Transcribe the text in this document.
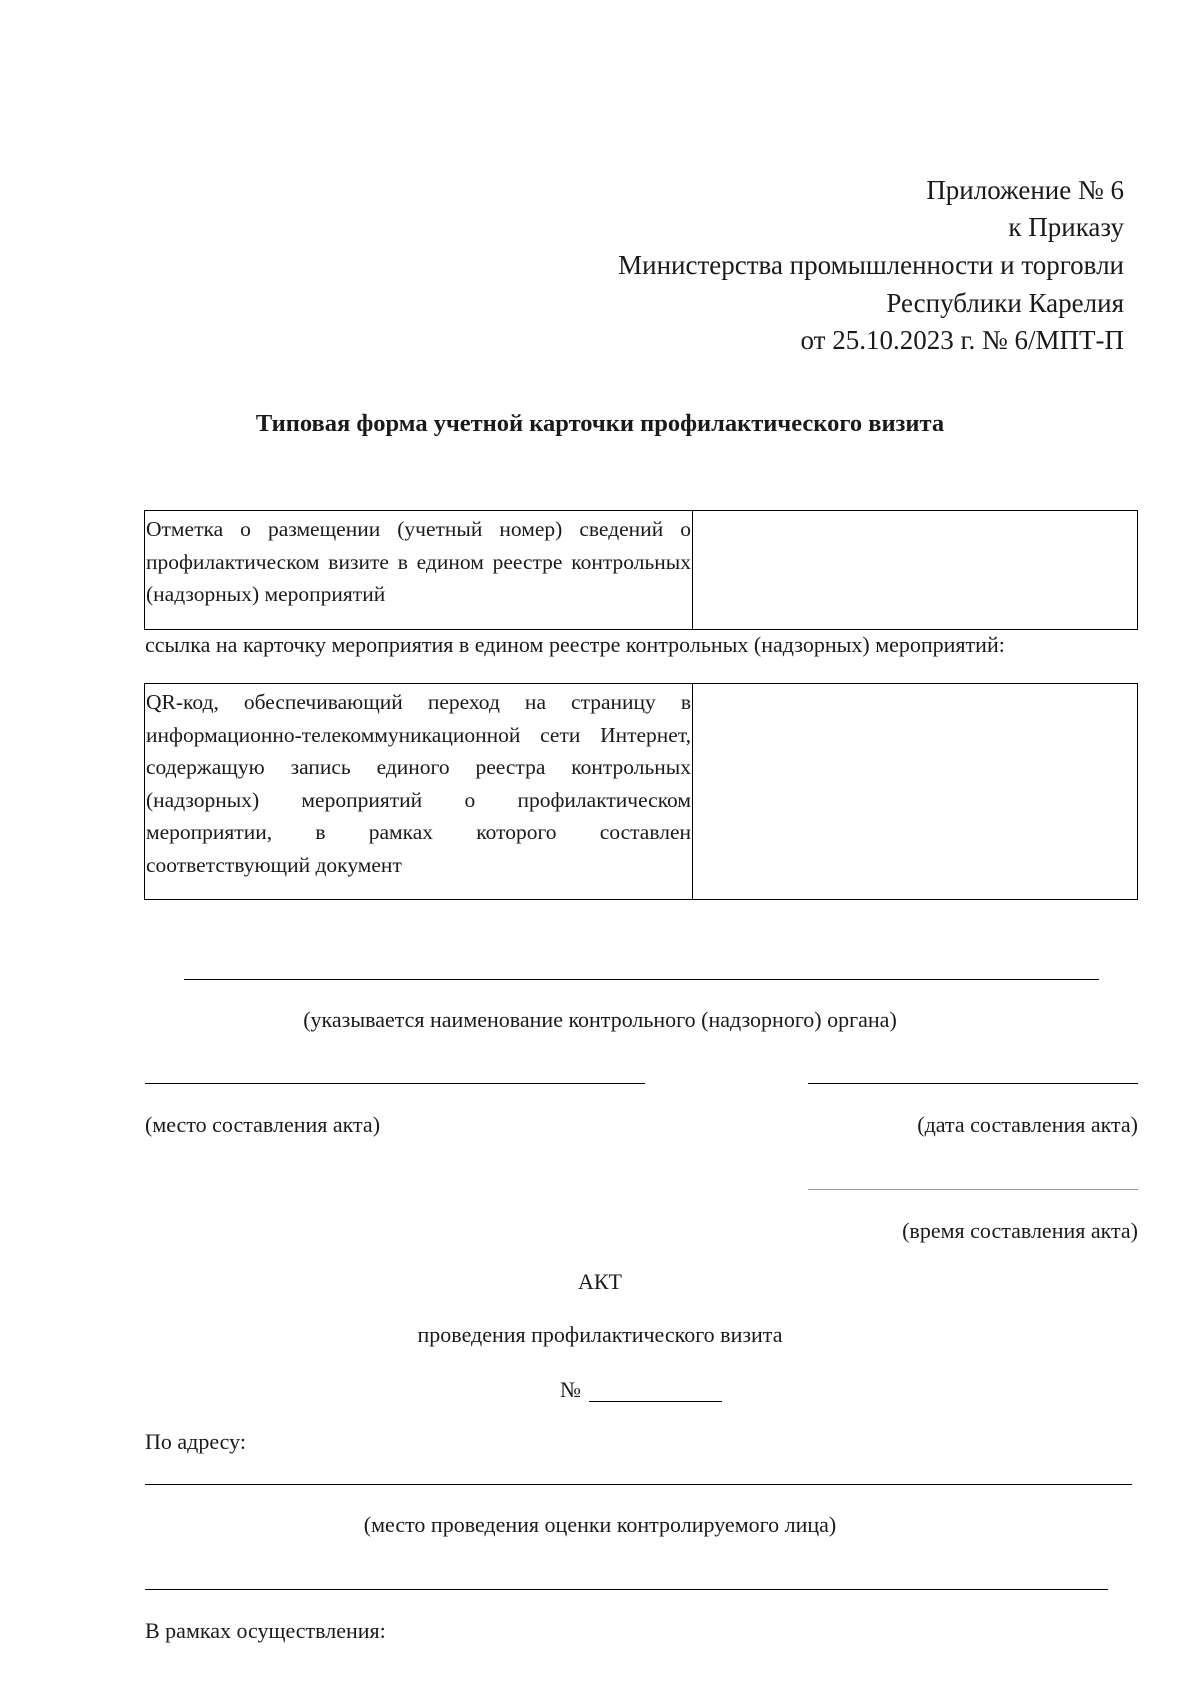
Приложение № 6
к Приказу
Министерства промышленности и торговли
Республики Карелия
от 25.10.2023 г. № 6/МПТ-П
Типовая форма учетной карточки профилактического визита
Отметка о размещении (учетный номер) сведений о профилактическом визите в едином реестре контрольных (надзорных) мероприятий
ссылка на карточку мероприятия в едином реестре контрольных (надзорных) мероприятий:
QR-код, обеспечивающий переход на страницу в информационно-телекоммуникационной сети Интернет, содержащую запись единого реестра контрольных (надзорных) мероприятий о профилактическом мероприятии, в рамках которого составлен соответствующий документ
(указывается наименование контрольного (надзорного) органа)
(место составления акта)	(дата составления акта)
(время составления акта)
АКТ
проведения профилактического визита
№
По адресу:
(место проведения оценки контролируемого лица)
В рамках осуществления:
